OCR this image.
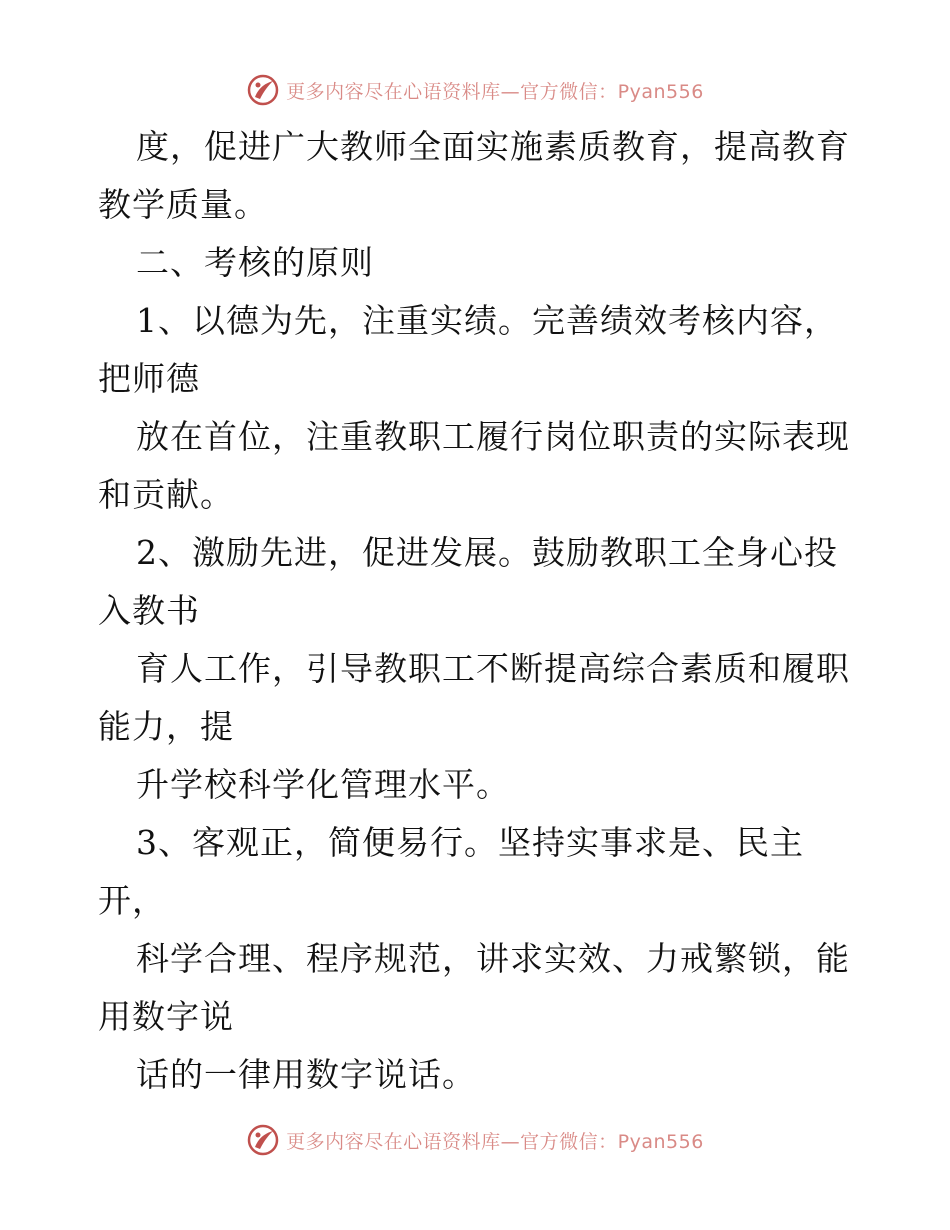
更多内容尽在心语资料库—官方微信：Pyan556
度，促进广大教师全面实施素质教育，提高教育
教学质量。
二、考核的原则
1、以德为先，注重实绩。完善绩效考核内容，
把师德
放在首位，注重教职工履行岗位职责的实际表现
和贡献。
2、激励先进，促进发展。鼓励教职工全身心投
入教书
育人工作，引导教职工不断提高综合素质和履职
能力，提
升学校科学化管理水平。
3、客观正，简便易行。坚持实事求是、民主
开，
科学合理、程序规范，讲求实效、力戒繁锁，能
用数字说
话的一律用数字说话。
更多内容尽在心语资料库—官方微信：Pyan556
